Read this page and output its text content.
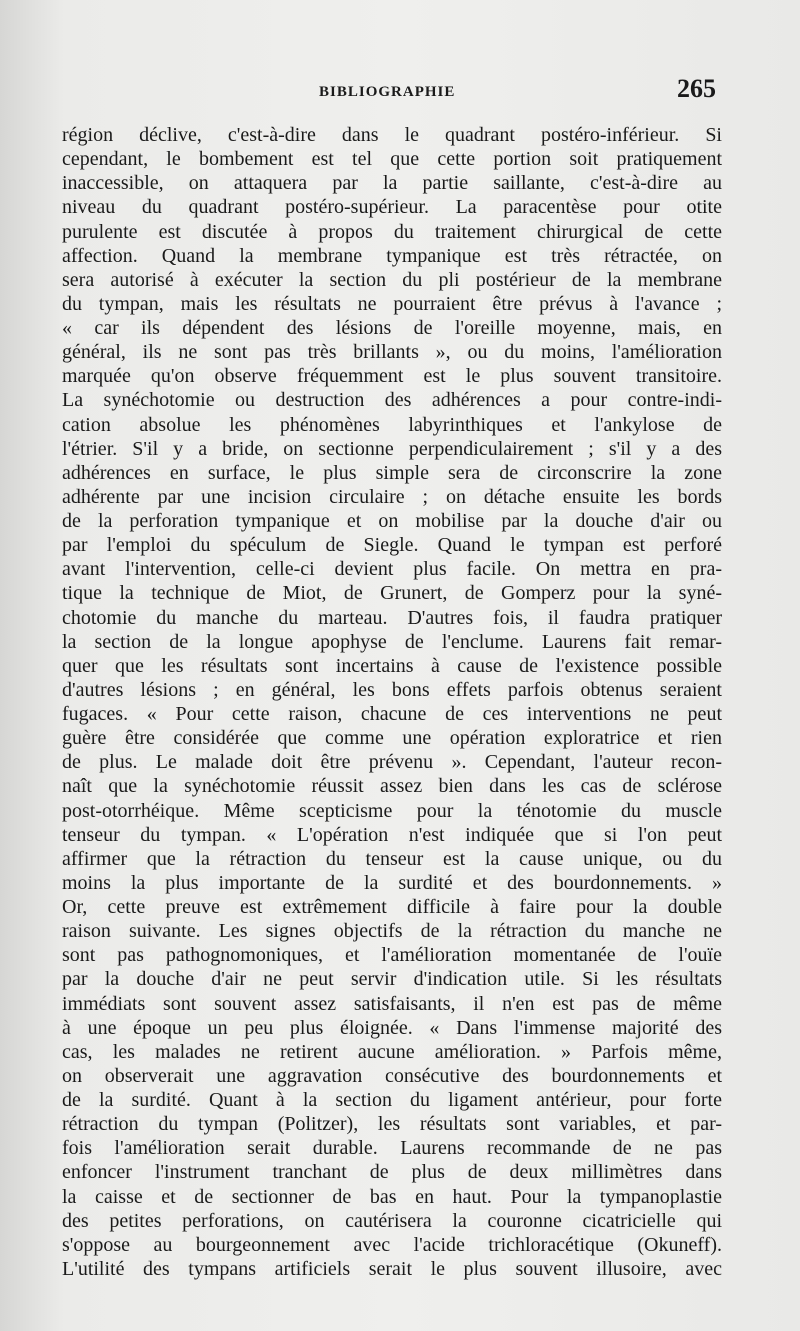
BIBLIOGRAPHIE	265
région déclive, c'est-à-dire dans le quadrant postéro-inférieur. Si
cependant, le bombement est tel que cette portion soit pratiquement
inaccessible, on attaquera par la partie saillante, c'est-à-dire au
niveau du quadrant postéro-supérieur. La paracentèse pour otite
purulente est discutée à propos du traitement chirurgical de cette
affection. Quand la membrane tympanique est très rétractée, on
sera autorisé à exécuter la section du pli postérieur de la membrane
du tympan, mais les résultats ne pourraient être prévus à l'avance ;
« car ils dépendent des lésions de l'oreille moyenne, mais, en
général, ils ne sont pas très brillants », ou du moins, l'amélioration
marquée qu'on observe fréquemment est le plus souvent transitoire.
La synéchotomie ou destruction des adhérences a pour contre-indi-
cation absolue les phénomènes labyrinthiques et l'ankylose de
l'étrier. S'il y a bride, on sectionne perpendiculairement ; s'il y a des
adhérences en surface, le plus simple sera de circonscrire la zone
adhérente par une incision circulaire ; on détache ensuite les bords
de la perforation tympanique et on mobilise par la douche d'air ou
par l'emploi du spéculum de Siegle. Quand le tympan est perforé
avant l'intervention, celle-ci devient plus facile. On mettra en pra-
tique la technique de Miot, de Grunert, de Gomperz pour la syné-
chotomie du manche du marteau. D'autres fois, il faudra pratiquer
la section de la longue apophyse de l'enclume. Laurens fait remar-
quer que les résultats sont incertains à cause de l'existence possible
d'autres lésions ; en général, les bons effets parfois obtenus seraient
fugaces. « Pour cette raison, chacune de ces interventions ne peut
guère être considérée que comme une opération exploratrice et rien
de plus. Le malade doit être prévenu ». Cependant, l'auteur recon-
naît que la synéchotomie réussit assez bien dans les cas de sclérose
post-otorrhéique. Même scepticisme pour la ténotomie du muscle
tenseur du tympan. « L'opération n'est indiquée que si l'on peut
affirmer que la rétraction du tenseur est la cause unique, ou du
moins la plus importante de la surdité et des bourdonnements. »
Or, cette preuve est extrêmement difficile à faire pour la double
raison suivante. Les signes objectifs de la rétraction du manche ne
sont pas pathognomoniques, et l'amélioration momentanée de l'ouïe
par la douche d'air ne peut servir d'indication utile. Si les résultats
immédiats sont souvent assez satisfaisants, il n'en est pas de même
à une époque un peu plus éloignée. « Dans l'immense majorité des
cas, les malades ne retirent aucune amélioration. » Parfois même,
on observerait une aggravation consécutive des bourdonnements et
de la surdité. Quant à la section du ligament antérieur, pour forte
rétraction du tympan (Politzer), les résultats sont variables, et par-
fois l'amélioration serait durable. Laurens recommande de ne pas
enfoncer l'instrument tranchant de plus de deux millimètres dans
la caisse et de sectionner de bas en haut. Pour la tympanoplastie
des petites perforations, on cautérisera la couronne cicatricielle qui
s'oppose au bourgeonnement avec l'acide trichloracétique (Okuneff).
L'utilité des tympans artificiels serait le plus souvent illusoire, avec
